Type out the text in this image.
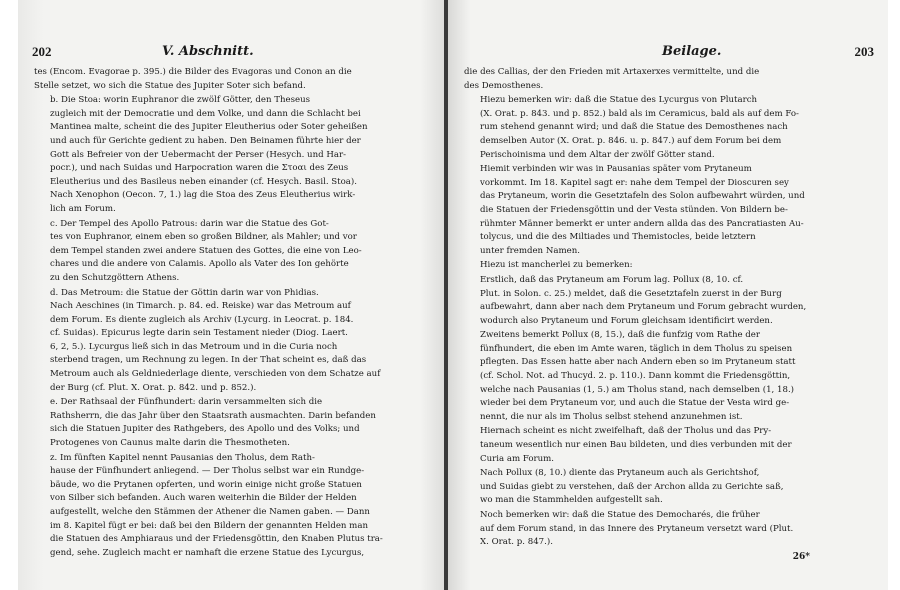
202	V. Abschnitt.
tes (Encom. Evagorae p. 395.) die Bilder des Evagoras und Conon an die
Stelle setzet, wo sich die Statue des Jupiter Soter sich befand.
b. Die Stoa: worin Euphranor die zwölf Götter, den Theseus
zugleich mit der Democratie und dem Volke, und dann die Schlacht bei
Mantinea malte, scheint die des Jupiter Eleutherius oder Soter geheißen
und auch für Gerichte gedient zu haben. Den Beinamen führte hier der
Gott als Befreier von der Uebermacht der Perser (Hesych. und Har-
pocr.), und nach Suidas und Harpocration waren die Στοαι des Zeus
Eleutherius und des Basileus neben einander (cf. Hesych. Basil. Stoa).
Nach Xenophon (Oecon. 7, 1.) lag die Stoa des Zeus Eleutherius wirk-
lich am Forum.
c. Der Tempel des Apollo Patrous: darin war die Statue des Got-
tes von Euphranor, einem eben so großen Bildner, als Mahler; und vor
dem Tempel standen zwei andere Statuen des Gottes, die eine von Leo-
chares und die andere von Calamis. Apollo als Vater des Ion gehörte
zu den Schutzgöttern Athens.
d. Das Metroum: die Statue der Göttin darin war von Phidias.
Nach Aeschines (in Timarch. p. 84. ed. Reiske) war das Metroum auf
dem Forum. Es diente zugleich als Archiv (Lycurg. in Leocrat. p. 184.
cf. Suidas). Epicurus legte darin sein Testament nieder (Diog. Laert.
6, 2, 5.). Lycurgus ließ sich in das Metroum und in die Curia noch
sterbend tragen, um Rechnung zu legen. In der That scheint es, daß das
Metroum auch als Geldniederlage diente, verschieden von dem Schatze auf
der Burg (cf. Plut. X. Orat. p. 842. und p. 852.).
e. Der Rathsaal der Fünfhundert: darin versammelten sich die
Rathsherrn, die das Jahr über den Staatsrath ausmachten. Darin befanden
sich die Statuen Jupiter des Rathgebers, des Apollo und des Volks; und
Protogenes von Caunus malte darin die Thesmotheten.
z. Im fünften Kapitel nennt Pausanias den Tholus, dem Rath-
hause der Fünfhundert anliegend. — Der Tholus selbst war ein Rundge-
bäude, wo die Prytanen opferten, und worin einige nicht große Statuen
von Silber sich befanden. Auch waren weiterhin die Bilder der Helden
aufgestellt, welche den Stämmen der Athener die Namen gaben. — Dann
im 8. Kapitel fügt er bei: daß bei den Bildern der genannten Helden man
die Statuen des Amphiaraus und der Friedensgöttin, den Knaben Plutus tra-
gend, sehe. Zugleich macht er namhaft die erzene Statue des Lycurgus,
Beilage.	203
die des Callias, der den Frieden mit Artaxerxes vermittelte, und die
des Demosthenes.
Hiezu bemerken wir: daß die Statue des Lycurgus von Plutarch
(X. Orat. p. 843. und p. 852.) bald als im Ceramicus, bald als auf dem Fo-
rum stehend genannt wird; und daß die Statue des Demosthenes nach
demselben Autor (X. Orat. p. 846. u. p. 847.) auf dem Forum bei dem
Perischoinisma und dem Altar der zwölf Götter stand.
Hiemit verbinden wir was in Pausanias später vom Prytaneum
vorkommt. Im 18. Kapitel sagt er: nahe dem Tempel der Dioscuren sey
das Prytaneum, worin die Gesetztafeln des Solon aufbewahrt würden, und
die Statuen der Friedensgöttin und der Vesta stünden. Von Bildern be-
rühmter Männer bemerkt er unter andern allda das des Pancratiasten Au-
tolycus, und die des Miltiades und Themistocles, beide letztern
unter fremden Namen.
Hiezu ist mancherlei zu bemerken:
Erstlich, daß das Prytaneum am Forum lag. Pollux (8, 10. cf.
Plut. in Solon. c. 25.) meldet, daß die Gesetztafeln zuerst in der Burg
aufbewahrt, dann aber nach dem Prytaneum und Forum gebracht wurden,
wodurch also Prytaneum und Forum gleichsam identificirt werden.
Zweitens bemerkt Pollux (8, 15.), daß die funfzig vom Rathe der
fünfhundert, die eben im Amte waren, täglich in dem Tholus zu speisen
pflegten. Das Essen hatte aber nach Andern eben so im Prytaneum statt
(cf. Schol. Not. ad Thucyd. 2. p. 110.). Dann kommt die Friedensgöttin,
welche nach Pausanias (1, 5.) am Tholus stand, nach demselben (1, 18.)
wieder bei dem Prytaneum vor, und auch die Statue der Vesta wird ge-
nennt, die nur als im Tholus selbst stehend anzunehmen ist.
Hiernach scheint es nicht zweifelhaft, daß der Tholus und das Pry-
taneum wesentlich nur einen Bau bildeten, und dies verbunden mit der
Curia am Forum.
Nach Pollux (8, 10.) diente das Prytaneum auch als Gerichtshof,
und Suidas giebt zu verstehen, daß der Archon allda zu Gerichte saß,
wo man die Stammhelden aufgestellt sah.
Noch bemerken wir: daß die Statue des Democharés, die früher
auf dem Forum stand, in das Innere des Prytaneum versetzt ward (Plut.
X. Orat. p. 847.).
26*
